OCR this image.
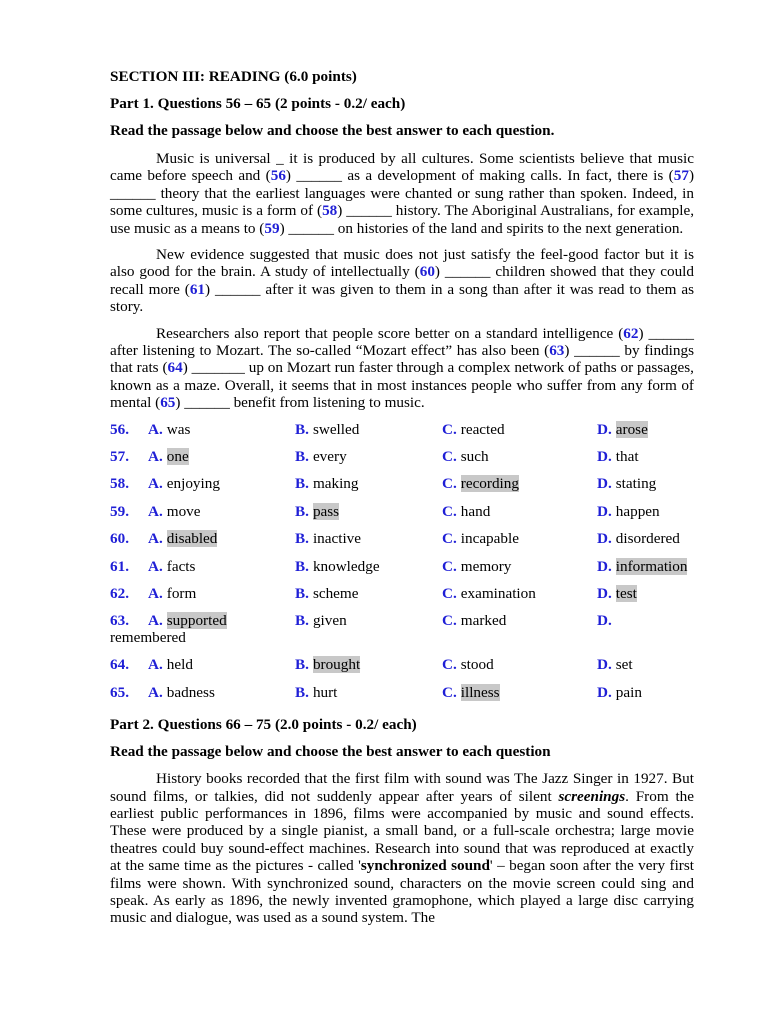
SECTION III: READING (6.0 points)
Part 1. Questions 56 – 65 (2 points - 0.2/ each)
Read the passage below and choose the best answer to each question.

Music is universal _ it is produced by all cultures. Some scientists believe that music came before speech and (56) ______ as a development of making calls. In fact, there is (57) ______ theory that the earliest languages were chanted or sung rather than spoken. Indeed, in some cultures, music is a form of (58) ______ history. The Aboriginal Australians, for example, use music as a means to (59) ______ on histories of the land and spirits to the next generation.

New evidence suggested that music does not just satisfy the feel-good factor but it is also good for the brain. A study of intellectually (60) ______ children showed that they could recall more (61) ______ after it was given to them in a song than after it was read to them as story.

Researchers also report that people score better on a standard intelligence (62) ______ after listening to Mozart. The so-called “Mozart effect” has also been (63) ______ by findings that rats (64) _______ up on Mozart run faster through a complex network of paths or passages, known as a maze. Overall, it seems that in most instances people who suffer from any form of mental (65) ______ benefit from listening to music.

56. A. was	B. swelled	C. reacted	D. arose
57. A. one	B. every	C. such	D. that
58. A. enjoying	B. making	C. recording	D. stating
59. A. move	B. pass	C. hand	D. happen
60. A. disabled	B. inactive	C. incapable	D. disordered
61. A. facts	B. knowledge	C. memory	D. information
62. A. form	B. scheme	C. examination	D. test
63. A. supported	B. given	C. marked	D.
remembered
64. A. held	B. brought	C. stood	D. set
65. A. badness	B. hurt	C. illness	D. pain
Part 2. Questions 66 – 75 (2.0 points - 0.2/ each)
Read the passage below and choose the best answer to each question

History books recorded that the first film with sound was The Jazz Singer in 1927. But sound films, or talkies, did not suddenly appear after years of silent screenings. From the earliest public performances in 1896, films were accompanied by music and sound effects. These were produced by a single pianist, a small band, or a full-scale orchestra; large movie theatres could buy sound-effect machines. Research into sound that was reproduced at exactly at the same time as the pictures - called 'synchronized sound' – began soon after the very first films were shown. With synchronized sound, characters on the movie screen could sing and speak. As early as 1896, the newly invented gramophone, which played a large disc carrying music and dialogue, was used as a sound system. The
